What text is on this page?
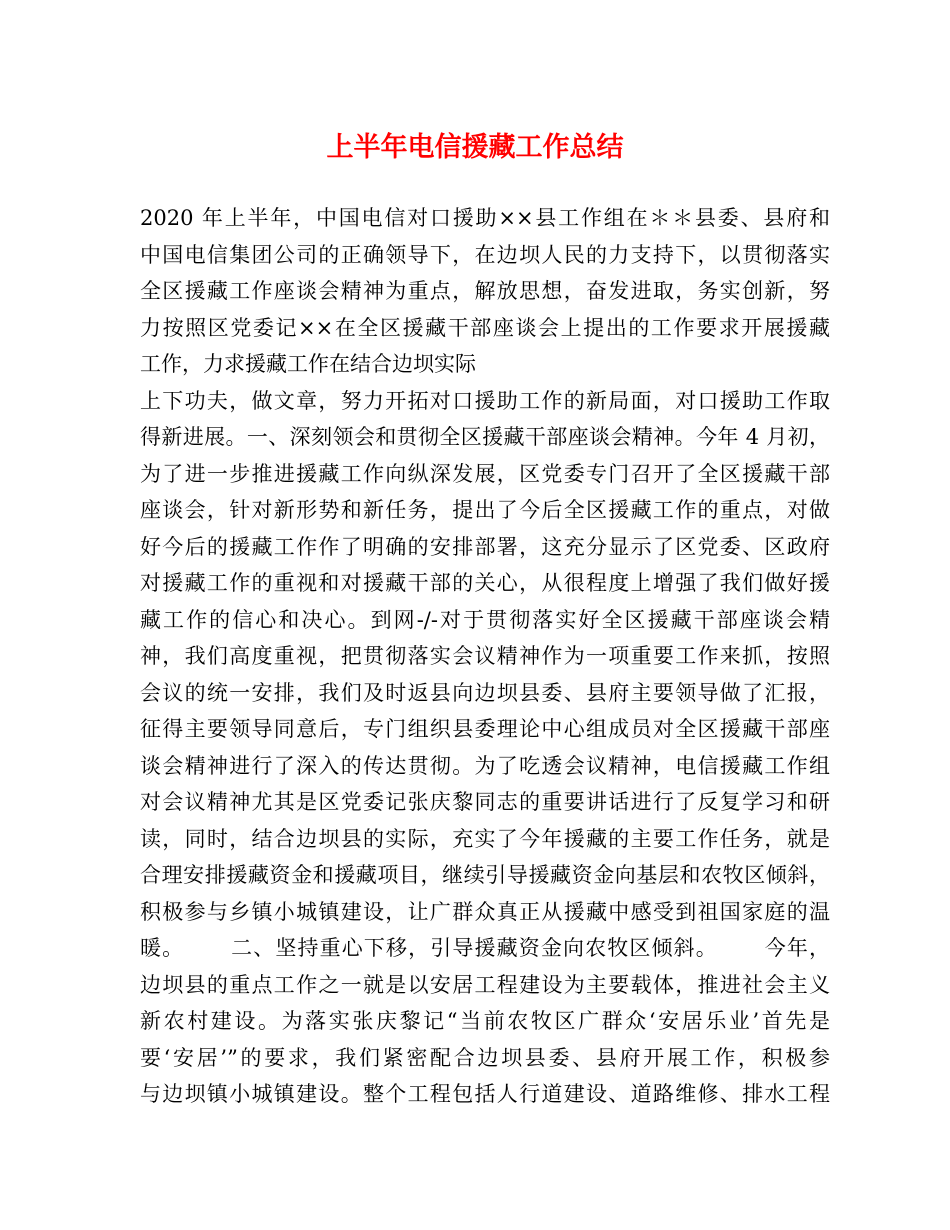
上半年电信援藏工作总结
2020 年上半年，中国电信对口援助××县工作组在＊＊县委、县府和
中国电信集团公司的正确领导下，在边坝人民的力支持下，以贯彻落实
全区援藏工作座谈会精神为重点，解放思想，奋发进取，务实创新，努
力按照区党委记××在全区援藏干部座谈会上提出的工作要求开展援藏
工作，力求援藏工作在结合边坝实际
上下功夫，做文章，努力开拓对口援助工作的新局面，对口援助工作取
得新进展。一、深刻领会和贯彻全区援藏干部座谈会精神。今年 4 月初，
为了进一步推进援藏工作向纵深发展，区党委专门召开了全区援藏干部
座谈会，针对新形势和新任务，提出了今后全区援藏工作的重点，对做
好今后的援藏工作作了明确的安排部署，这充分显示了区党委、区政府
对援藏工作的重视和对援藏干部的关心，从很程度上增强了我们做好援
藏工作的信心和决心。到网-/-对于贯彻落实好全区援藏干部座谈会精
神，我们高度重视，把贯彻落实会议精神作为一项重要工作来抓，按照
会议的统一安排，我们及时返县向边坝县委、县府主要领导做了汇报，
征得主要领导同意后，专门组织县委理论中心组成员对全区援藏干部座
谈会精神进行了深入的传达贯彻。为了吃透会议精神，电信援藏工作组
对会议精神尤其是区党委记张庆黎同志的重要讲话进行了反复学习和研
读，同时，结合边坝县的实际，充实了今年援藏的主要工作任务，就是
合理安排援藏资金和援藏项目，继续引导援藏资金向基层和农牧区倾斜，
积极参与乡镇小城镇建设，让广群众真正从援藏中感受到祖国家庭的温
暖。      二、坚持重心下移，引导援藏资金向农牧区倾斜。      今年，
边坝县的重点工作之一就是以安居工程建设为主要载体，推进社会主义
新农村建设。为落实张庆黎记“当前农牧区广群众‘安居乐业’首先是
要‘安居’”的要求，我们紧密配合边坝县委、县府开展工作，积极参
与边坝镇小城镇建设。整个工程包括人行道建设、道路维修、排水工程
